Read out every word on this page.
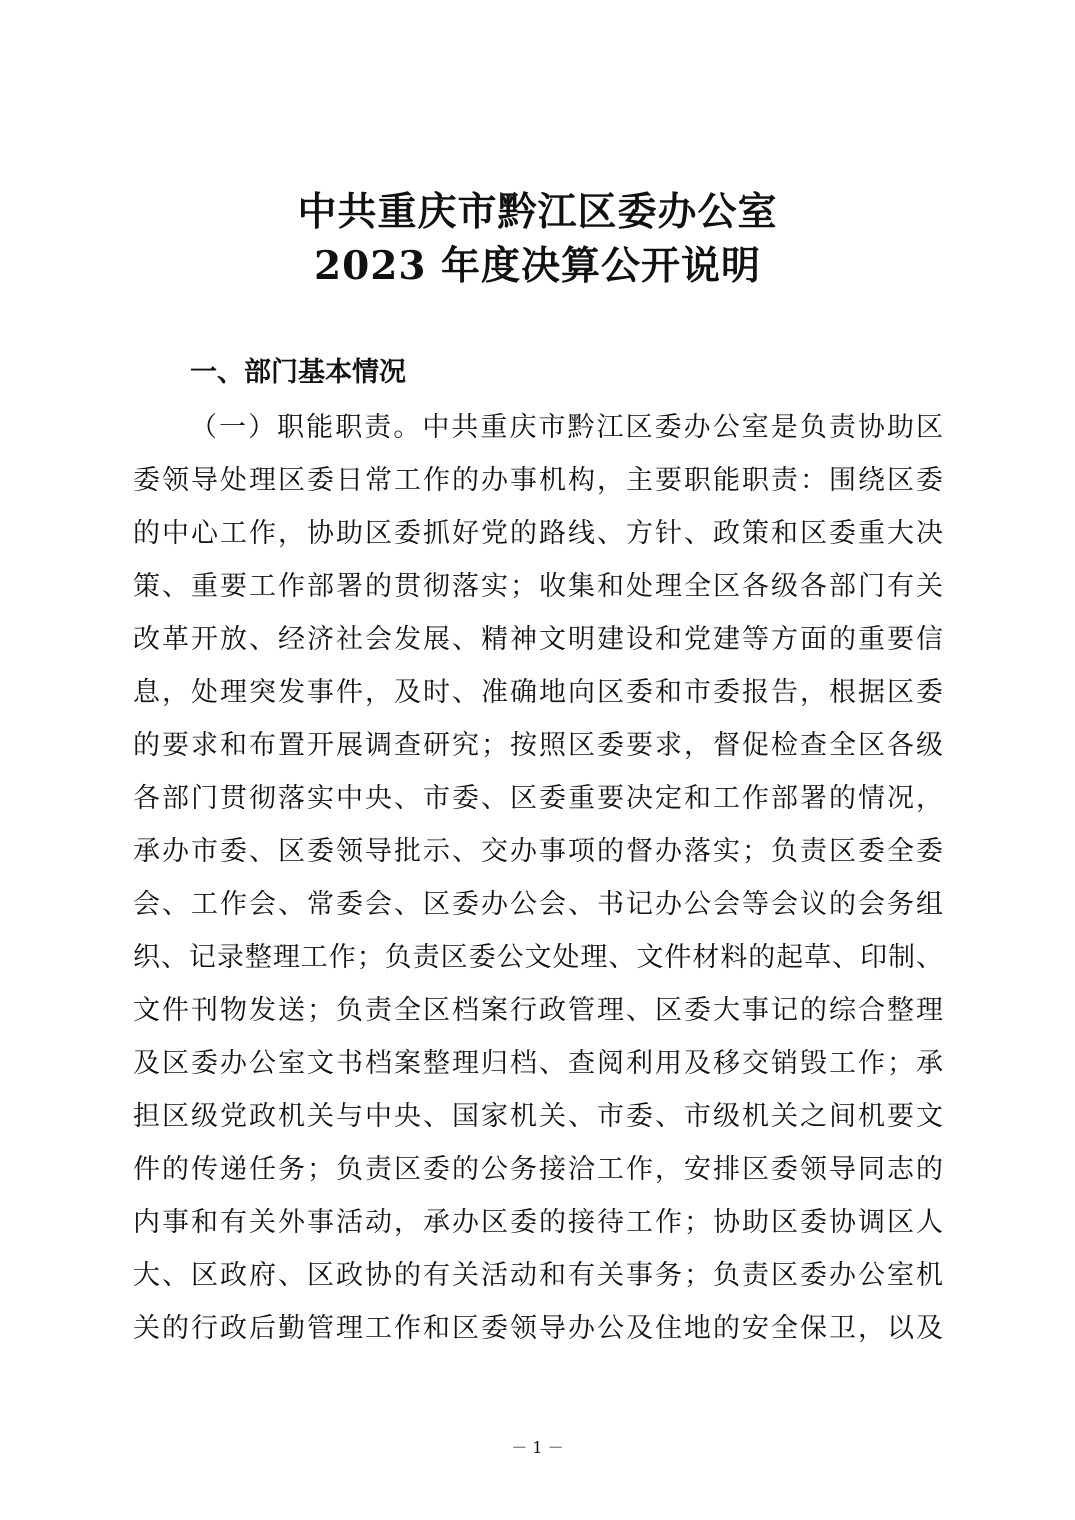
中共重庆市黔江区委办公室
2023 年度决算公开说明
一、部门基本情况
（一）职能职责。中共重庆市黔江区委办公室是负责协助区
委领导处理区委日常工作的办事机构，主要职能职责：围绕区委
的中心工作，协助区委抓好党的路线、方针、政策和区委重大决
策、重要工作部署的贯彻落实；收集和处理全区各级各部门有关
改革开放、经济社会发展、精神文明建设和党建等方面的重要信
息，处理突发事件，及时、准确地向区委和市委报告，根据区委
的要求和布置开展调查研究；按照区委要求，督促检查全区各级
各部门贯彻落实中央、市委、区委重要决定和工作部署的情况，
承办市委、区委领导批示、交办事项的督办落实；负责区委全委
会、工作会、常委会、区委办公会、书记办公会等会议的会务组
织、记录整理工作；负责区委公文处理、文件材料的起草、印制、
文件刊物发送；负责全区档案行政管理、区委大事记的综合整理
及区委办公室文书档案整理归档、查阅利用及移交销毁工作；承
担区级党政机关与中央、国家机关、市委、市级机关之间机要文
件的传递任务；负责区委的公务接洽工作，安排区委领导同志的
内事和有关外事活动，承办区委的接待工作；协助区委协调区人
大、区政府、区政协的有关活动和有关事务；负责区委办公室机
关的行政后勤管理工作和区委领导办公及住地的安全保卫，以及
－ 1 －
